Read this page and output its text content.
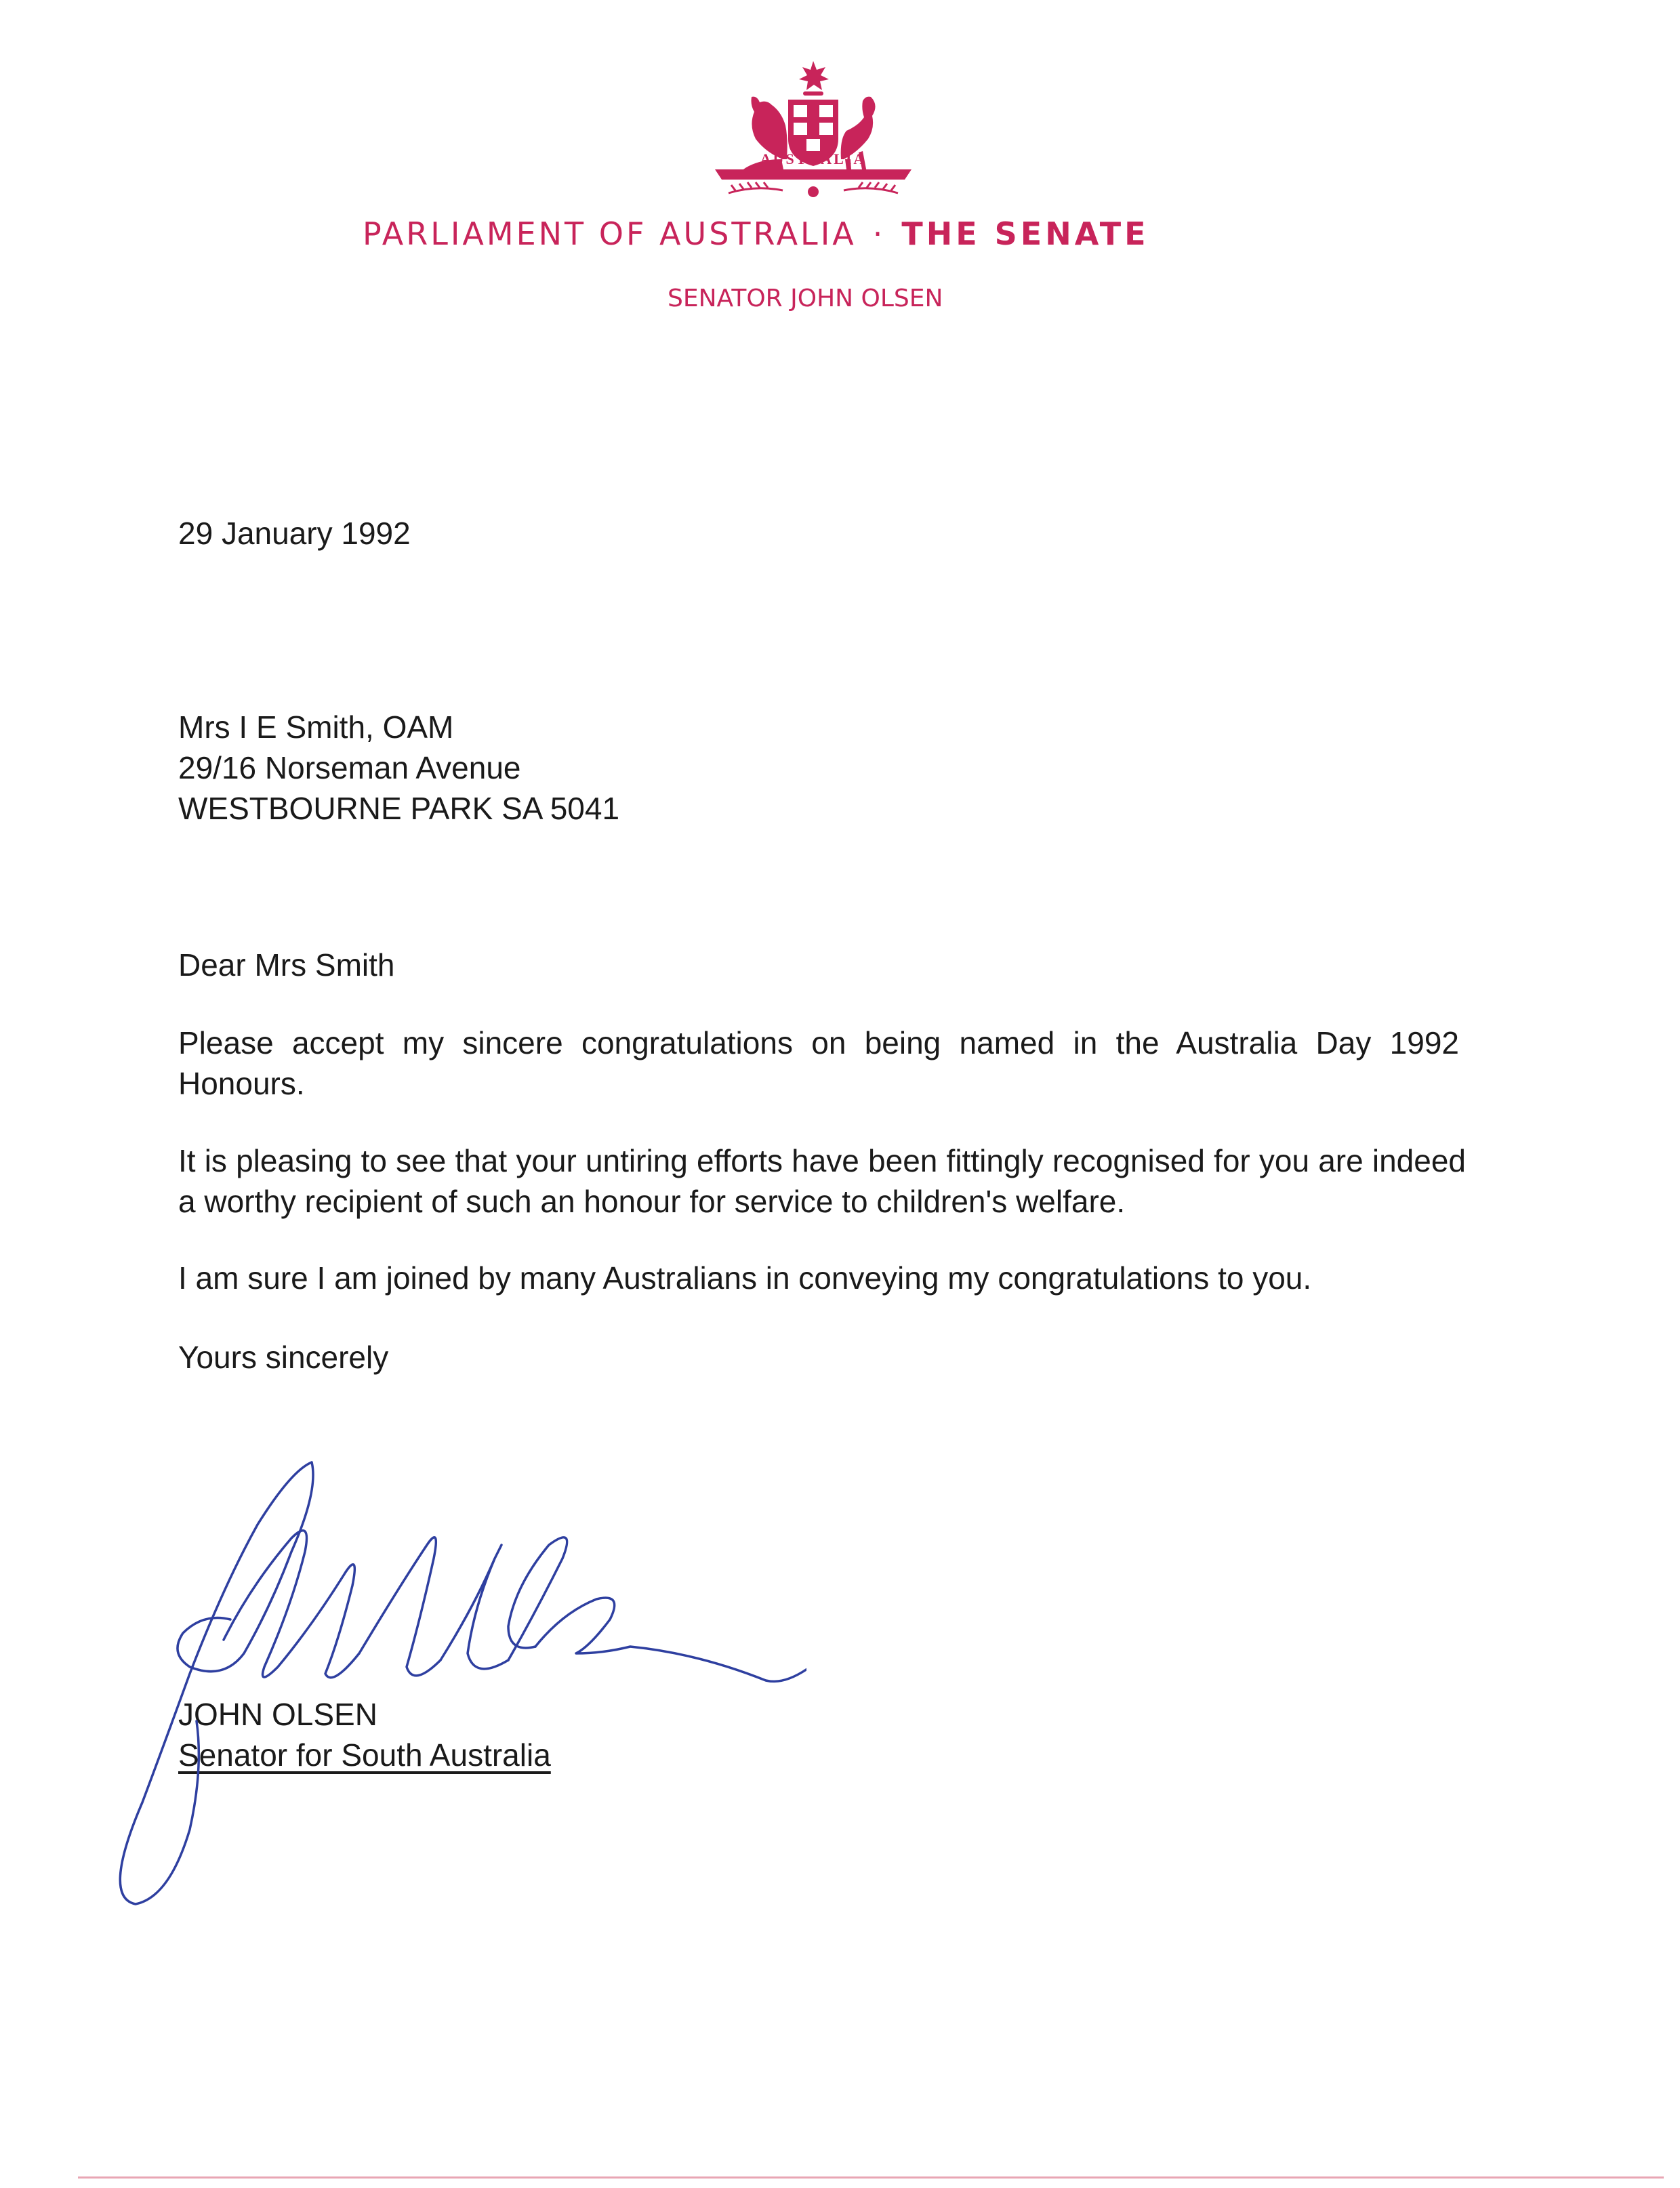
AUSTRALIA
PARLIAMENT OF AUSTRALIA · THE SENATE
SENATOR JOHN OLSEN
29 January 1992
Mrs I E Smith, OAM
29/16 Norseman Avenue
WESTBOURNE PARK SA 5041
Dear Mrs Smith
Please accept my sincere congratulations on being named in the Australia Day 1992 Honours.
It is pleasing to see that your untiring efforts have been fittingly recognised for you are indeed a worthy recipient of such an honour for service to children's welfare.
I am sure I am joined by many Australians in conveying my congratulations to you.
Yours sincerely
JOHN OLSEN
Senator for South Australia
